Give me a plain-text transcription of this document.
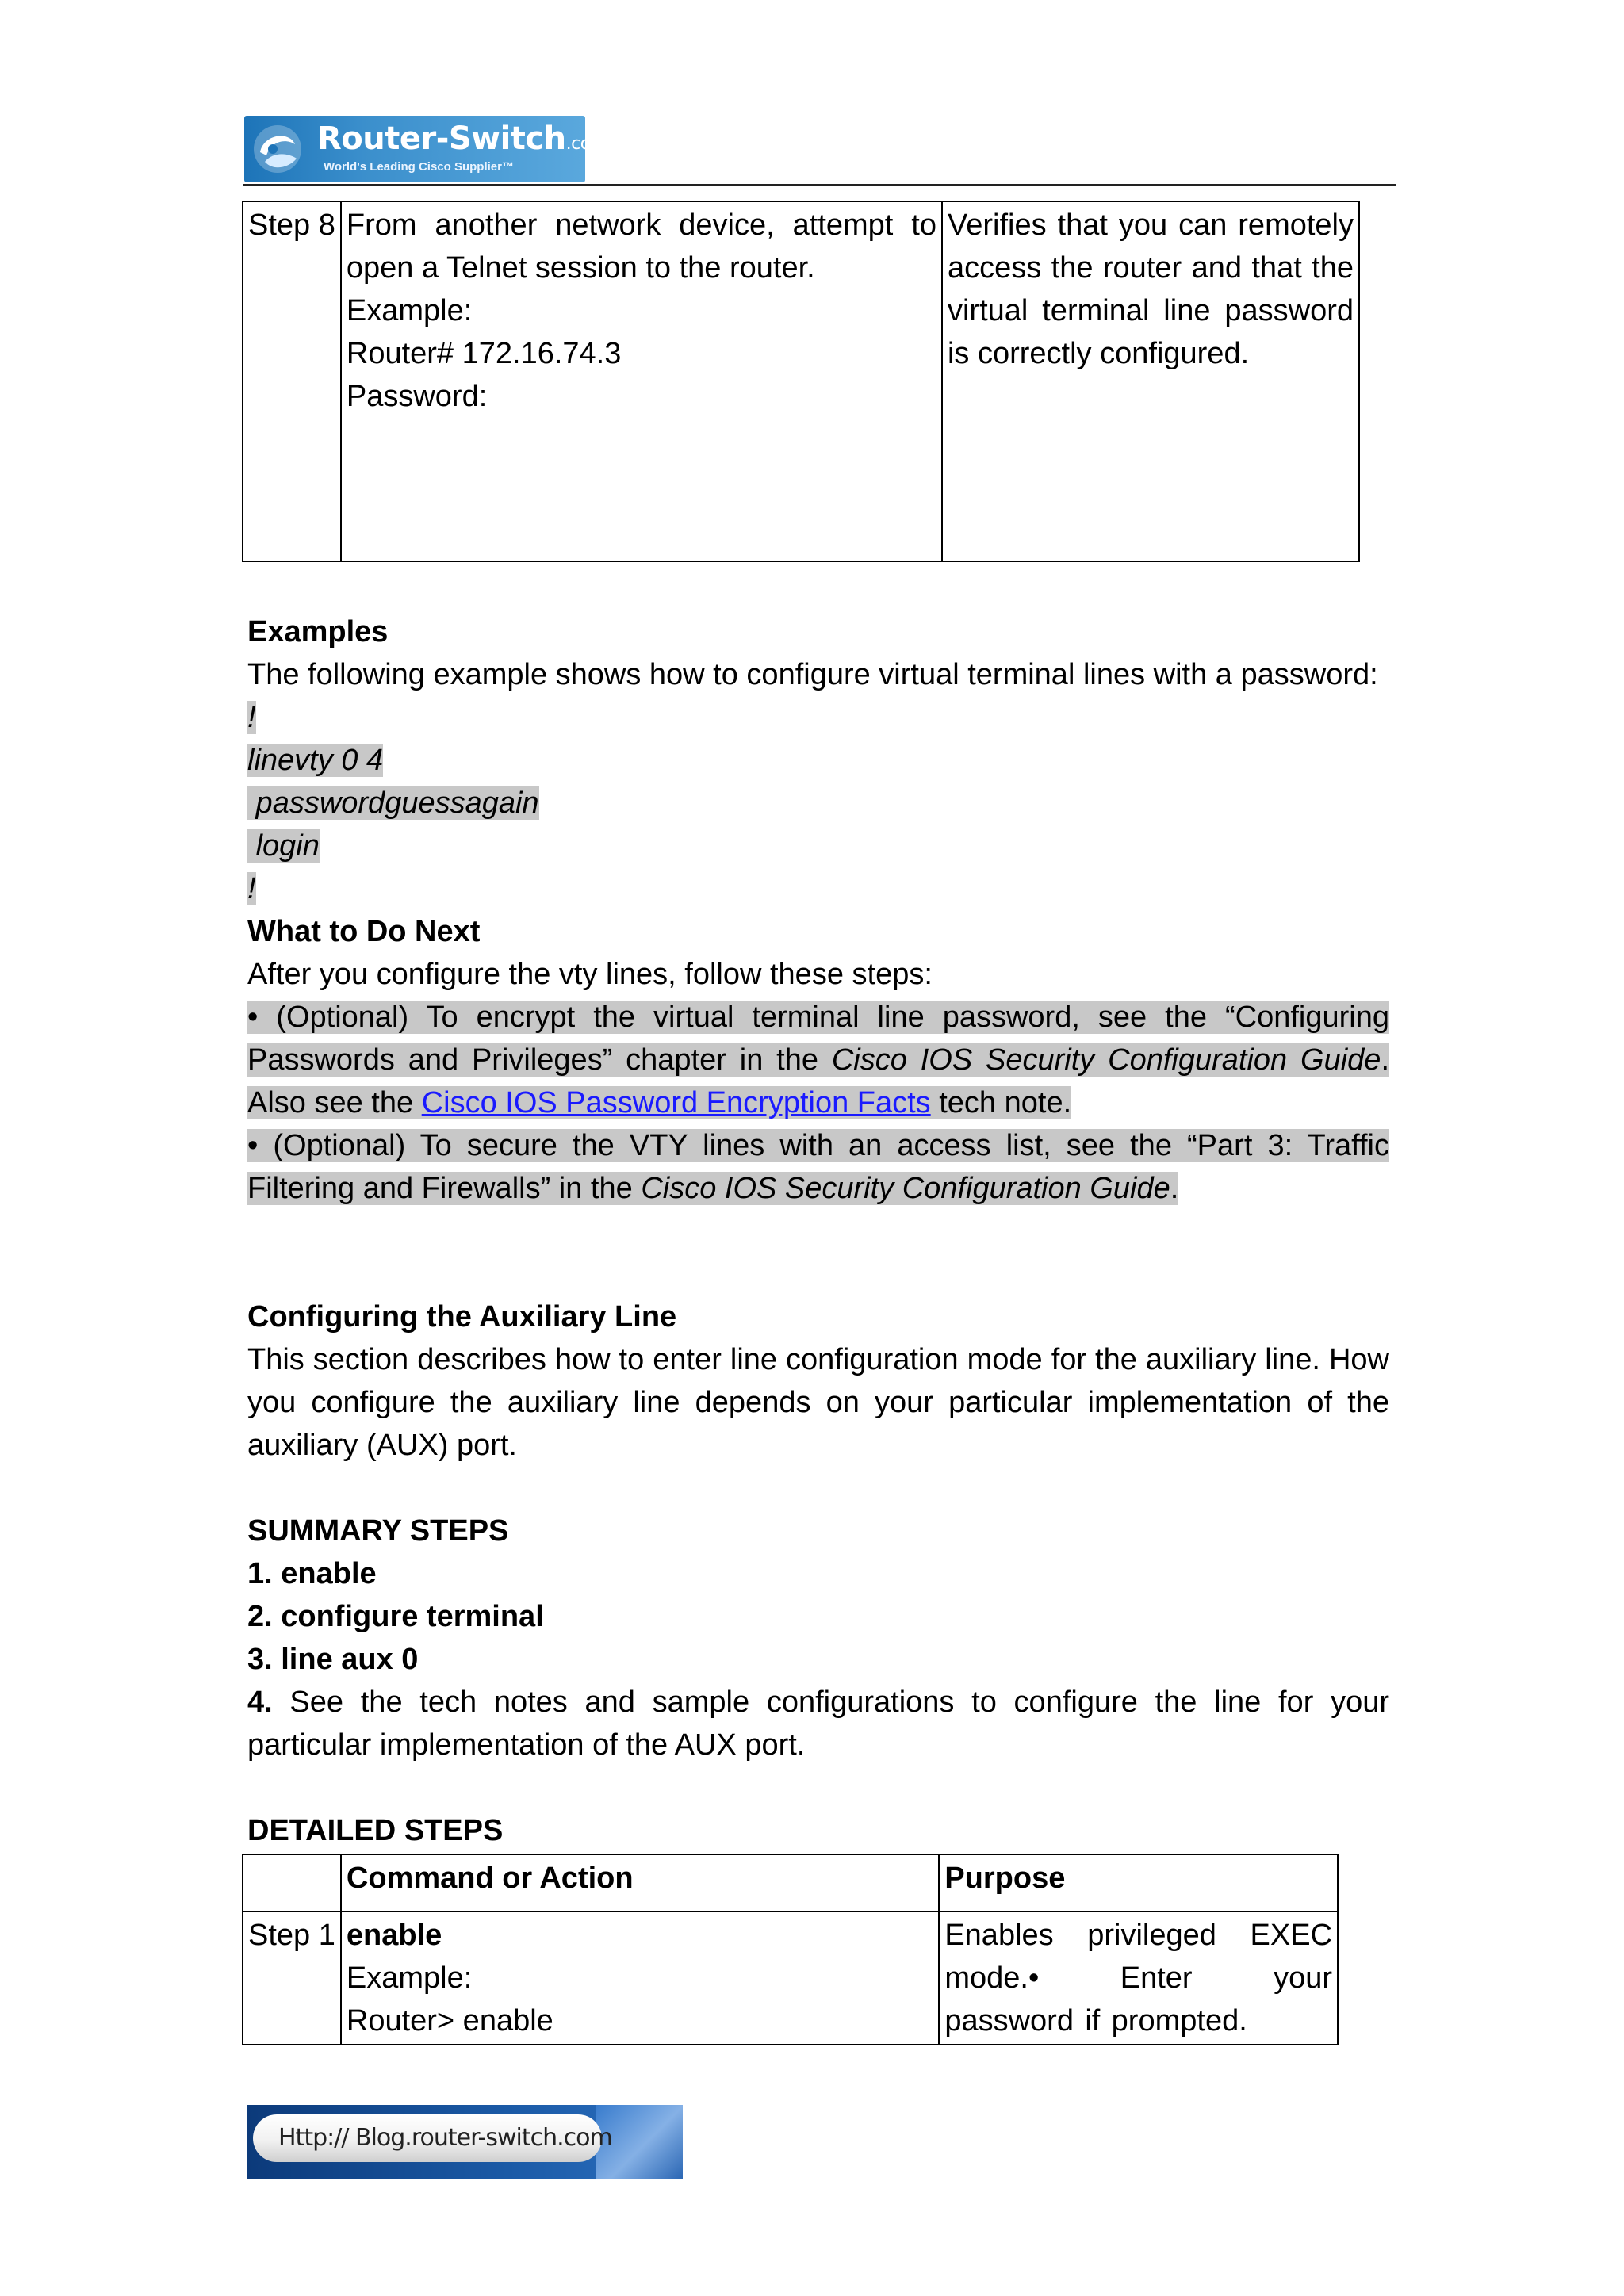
Router-Switch.com
World's Leading Cisco Supplier™
Step 8	From another network device, attempt to
open a Telnet session to the router.
Example:
Router# 172.16.74.3
Password:
	Verifies that you can remotely access the router and that the virtual terminal line password is correctly configured.
Examples
The following example shows how to configure virtual terminal lines with a password:
!
linevty 0 4
passwordguessagain
login
!
What to Do Next
After you configure the vty lines, follow these steps:
• (Optional) To encrypt the virtual terminal line password, see the “Configuring Passwords and Privileges” chapter in the Cisco IOS Security Configuration Guide. Also see the Cisco IOS Password Encryption Facts tech note.
• (Optional) To secure the VTY lines with an access list, see the “Part 3: Traffic Filtering and Firewalls” in the Cisco IOS Security Configuration Guide.
Configuring the Auxiliary Line
This section describes how to enter line configuration mode for the auxiliary line. How you configure the auxiliary line depends on your particular implementation of the auxiliary (AUX) port.
SUMMARY STEPS
1. enable
2. configure terminal
3. line aux 0
4. See the tech notes and sample configurations to configure the line for your particular implementation of the AUX port.
DETAILED STEPS
	Command or Action	Purpose
Step 1	enable
Example:
Router> enable	Enables privileged EXEC mode.• Enter your password if prompted.
Http:// Blog.router-switch.com
